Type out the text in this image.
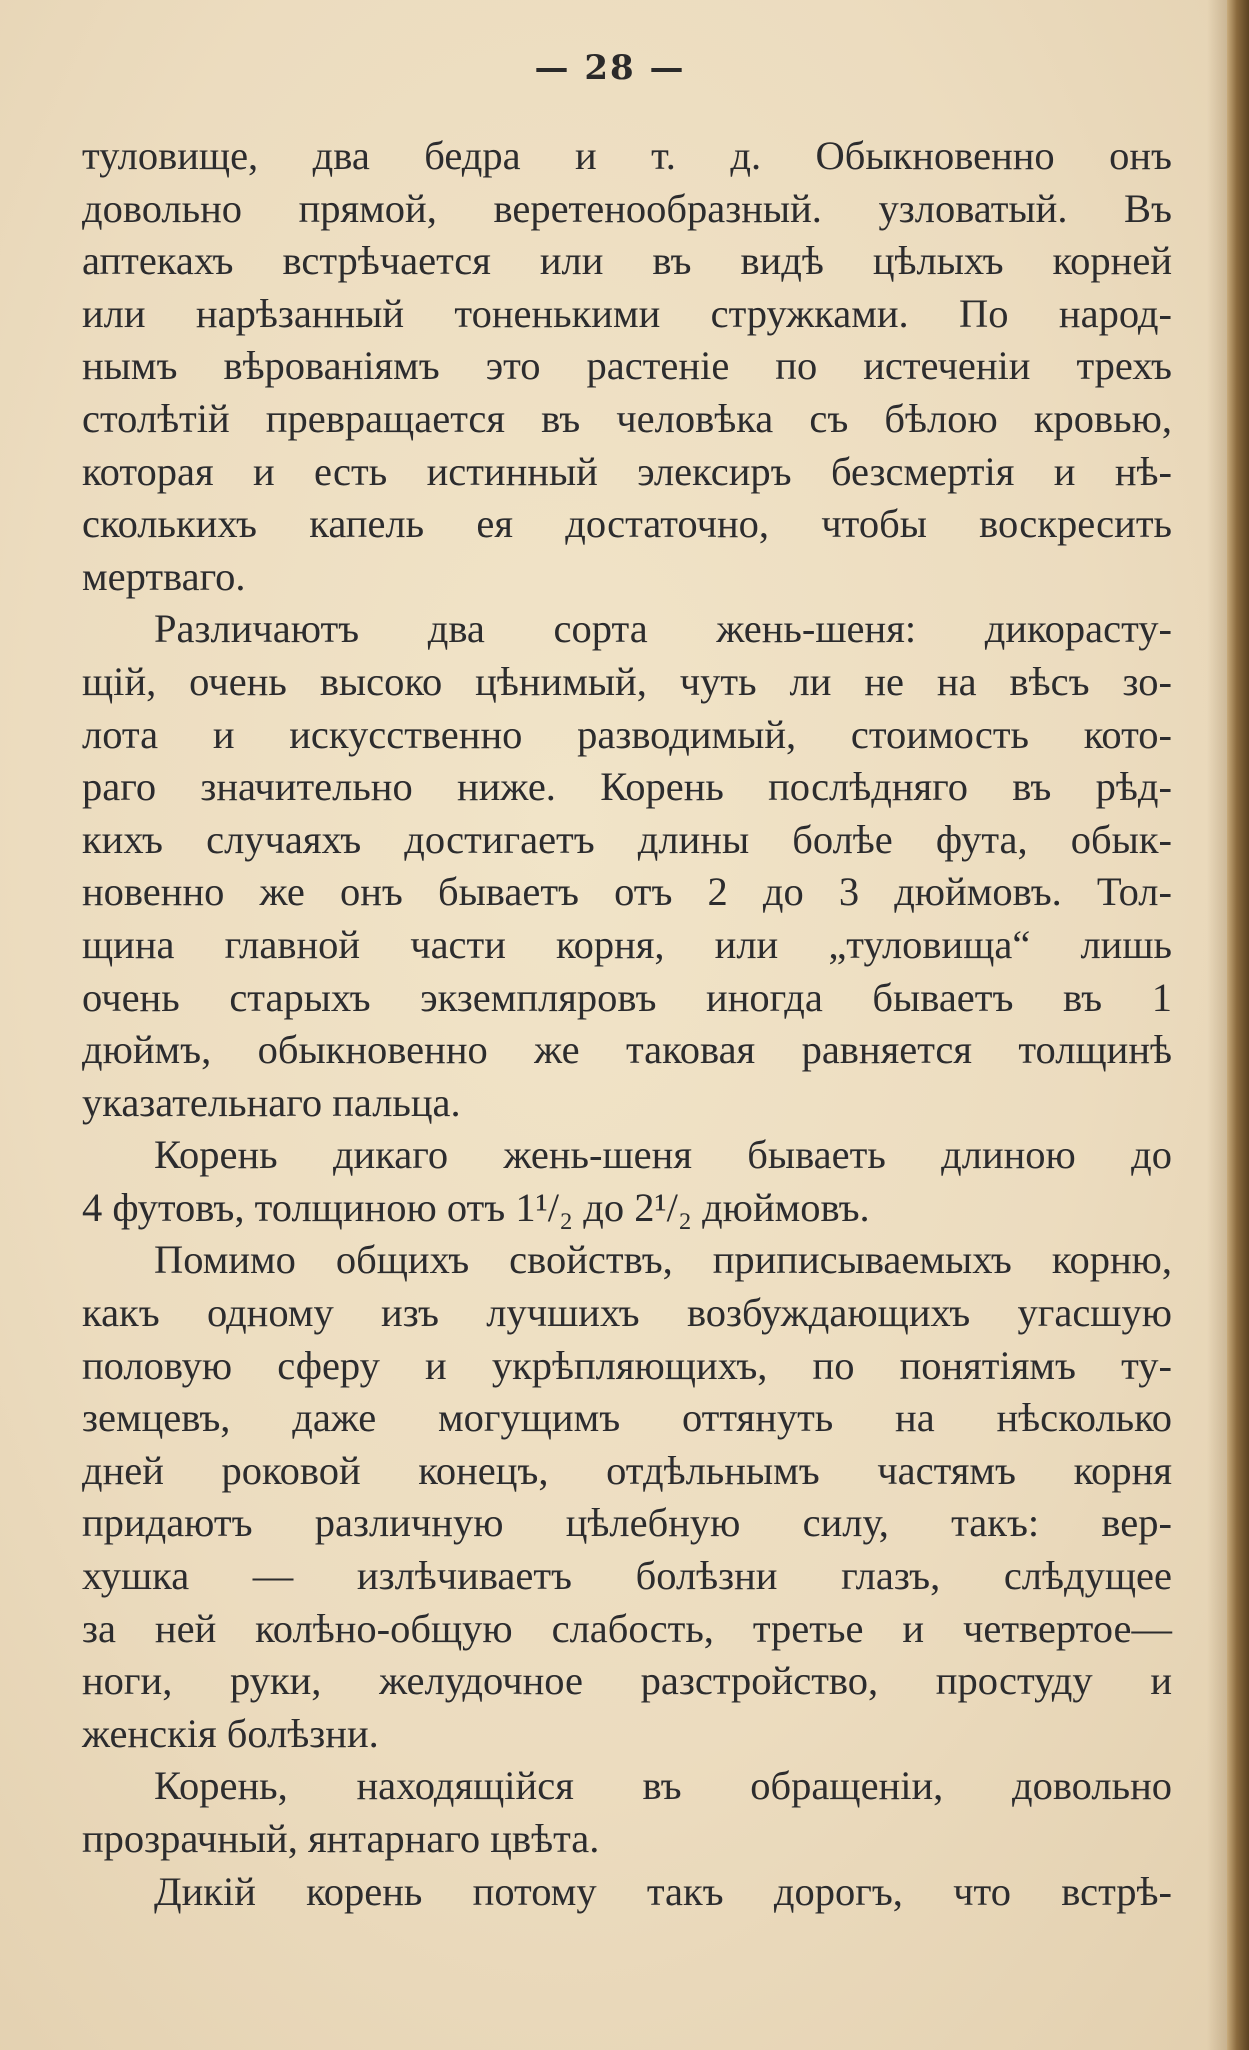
— 28 —
туловище, два бедра и т. д. Обыкновенно онъ
довольно прямой, веретенообразный. узловатый. Въ
аптекахъ встрѣчается или въ видѣ цѣлыхъ корней
или нарѣзанный тоненькими стружками. По народ-
нымъ вѣрованіямъ это растеніе по истеченіи трехъ
столѣтій превращается въ человѣка съ бѣлою кровью,
которая и есть истинный элексиръ безсмертія и нѣ-
сколькихъ капель ея достаточно, чтобы воскресить
мертваго.
Различаютъ два сорта жень-шеня: дикорасту-
щій, очень высоко цѣнимый, чуть ли не на вѣсъ зо-
лота и искусственно разводимый, стоимость кото-
раго значительно ниже. Корень послѣдняго въ рѣд-
кихъ случаяхъ достигаетъ длины болѣе фута, обык-
новенно же онъ бываетъ отъ 2 до 3 дюймовъ. Тол-
щина главной части корня, или „туловища“ лишь
очень старыхъ экземпляровъ иногда бываетъ въ 1
дюймъ, обыкновенно же таковая равняется толщинѣ
указательнаго пальца.
Корень дикаго жень-шеня бываеть длиною до
4 футовъ, толщиною отъ 1¹/₂ до 2¹/₂ дюймовъ.
Помимо общихъ свойствъ, приписываемыхъ корню,
какъ одному изъ лучшихъ возбуждающихъ угасшую
половую сферу и укрѣпляющихъ, по понятіямъ ту-
земцевъ, даже могущимъ оттянуть на нѣсколько
дней роковой конецъ, отдѣльнымъ частямъ корня
придаютъ различную цѣлебную силу, такъ: вер-
хушка — излѣчиваетъ болѣзни глазъ, слѣдущее
за ней колѣно-общую слабость, третье и четвертое—
ноги, руки, желудочное разстройство, простуду и
женскія болѣзни.
Корень, находящійся въ обращеніи, довольно
прозрачный, янтарнаго цвѣта.
Дикій корень потому такъ дорогъ, что встрѣ-
